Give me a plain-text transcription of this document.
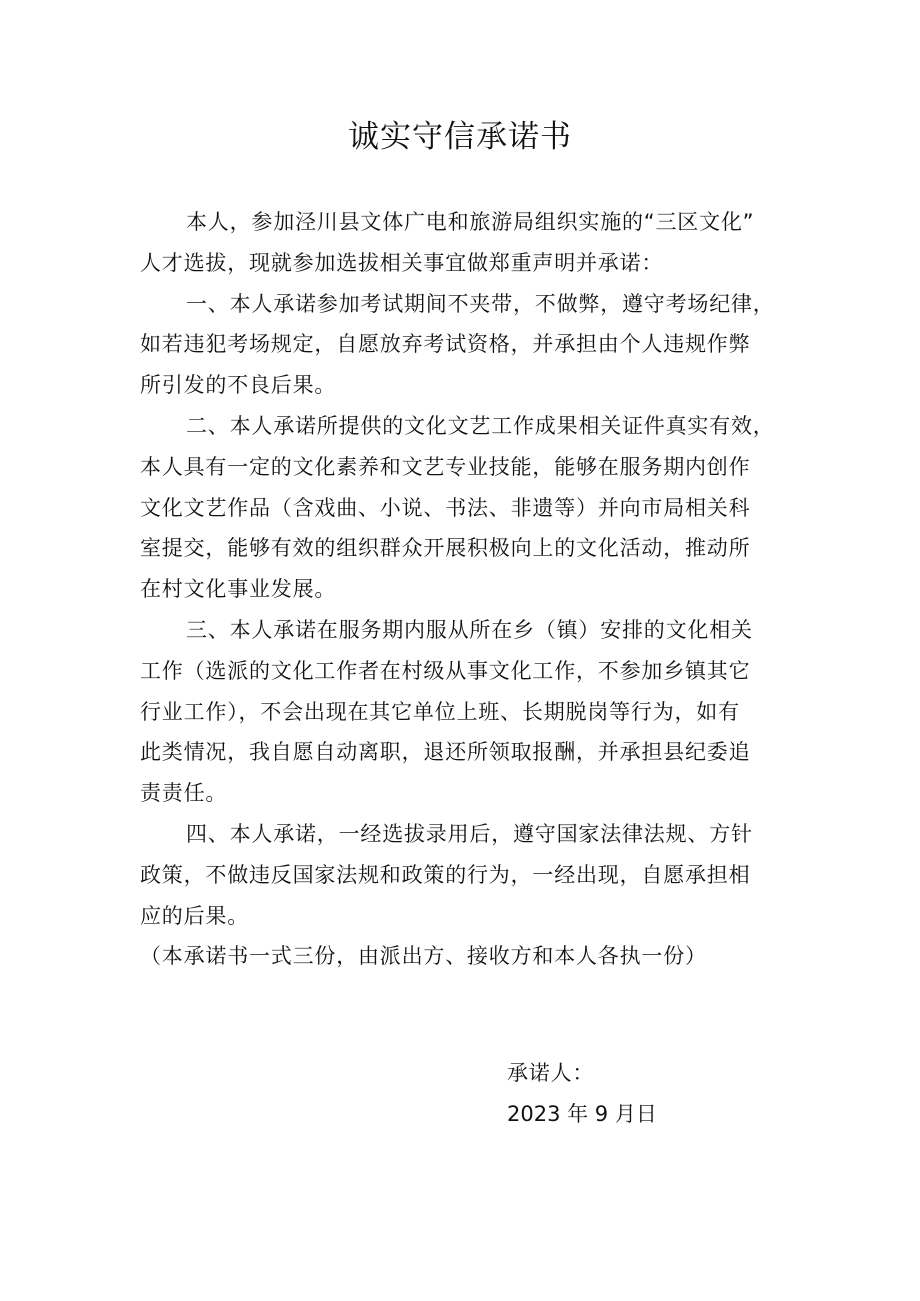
诚实守信承诺书
本人，参加泾川县文体广电和旅游局组织实施的“三区文化”
人才选拔，现就参加选拔相关事宜做郑重声明并承诺：
一、本人承诺参加考试期间不夹带，不做弊，遵守考场纪律，
如若违犯考场规定，自愿放弃考试资格，并承担由个人违规作弊
所引发的不良后果。
二、本人承诺所提供的文化文艺工作成果相关证件真实有效，
本人具有一定的文化素养和文艺专业技能，能够在服务期内创作
文化文艺作品（含戏曲、小说、书法、非遗等）并向市局相关科
室提交，能够有效的组织群众开展积极向上的文化活动，推动所
在村文化事业发展。
三、本人承诺在服务期内服从所在乡（镇）安排的文化相关
工作（选派的文化工作者在村级从事文化工作，不参加乡镇其它
行业工作），不会出现在其它单位上班、长期脱岗等行为，如有
此类情况，我自愿自动离职，退还所领取报酬，并承担县纪委追
责责任。
四、本人承诺，一经选拔录用后，遵守国家法律法规、方针
政策，不做违反国家法规和政策的行为，一经出现，自愿承担相
应的后果。
（本承诺书一式三份，由派出方、接收方和本人各执一份）
承诺人：
2023 年 9 月日
